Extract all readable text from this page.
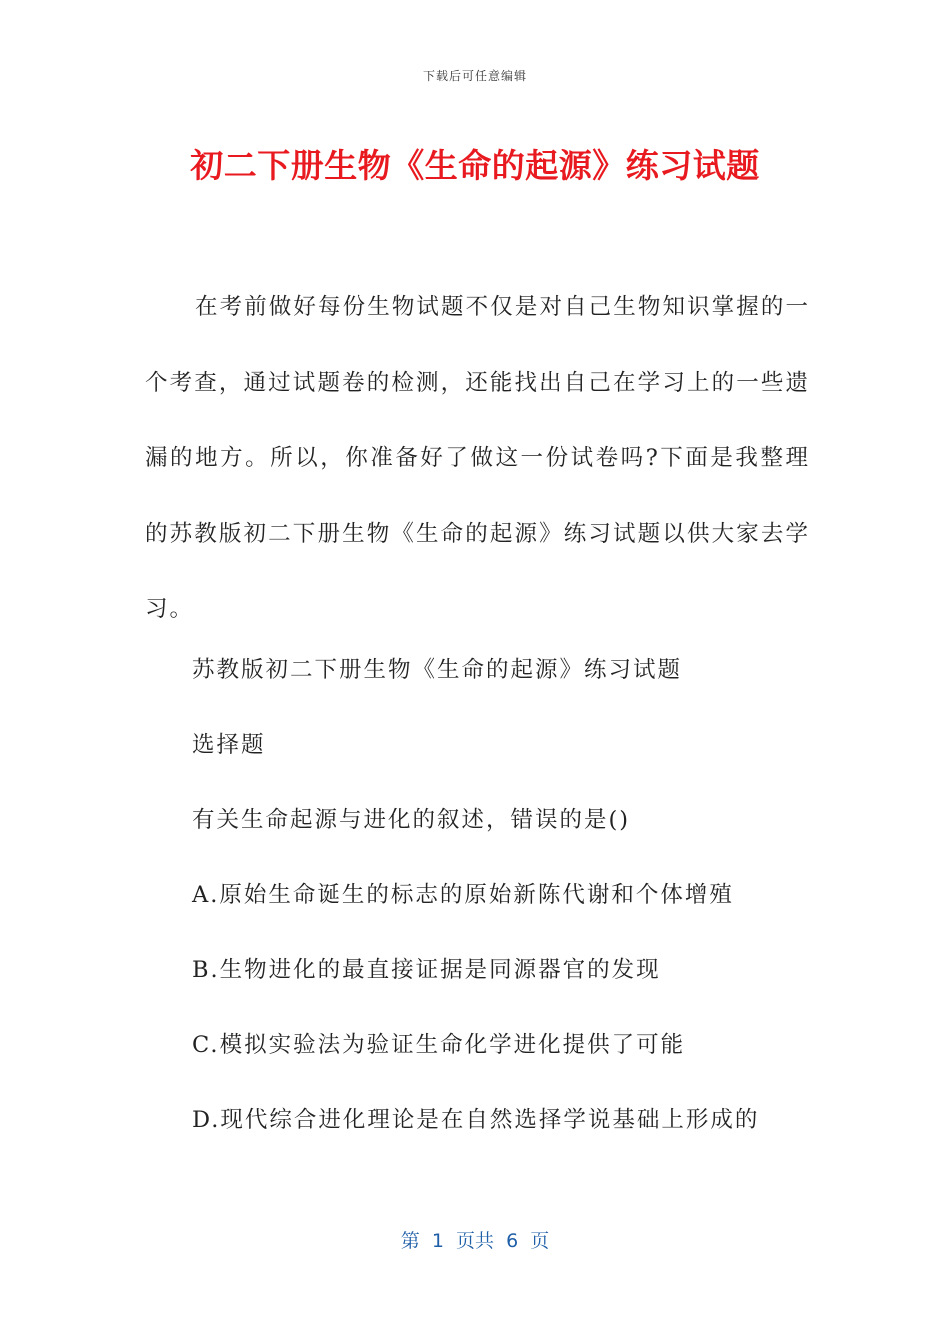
下载后可任意编辑
初二下册生物《生命的起源》练习试题

在考前做好每份生物试题不仅是对自己生物知识掌握的一个考查，通过试题卷的检测，还能找出自己在学习上的一些遗漏的地方。所以，你准备好了做这一份试卷吗?下面是我整理的苏教版初二下册生物《生命的起源》练习试题以供大家去学习。

苏教版初二下册生物《生命的起源》练习试题
选择题
有关生命起源与进化的叙述，错误的是()
A.原始生命诞生的标志的原始新陈代谢和个体增殖
B.生物进化的最直接证据是同源器官的发现
C.模拟实验法为验证生命化学进化提供了可能
D.现代综合进化理论是在自然选择学说基础上形成的
第  1  页共  6  页
